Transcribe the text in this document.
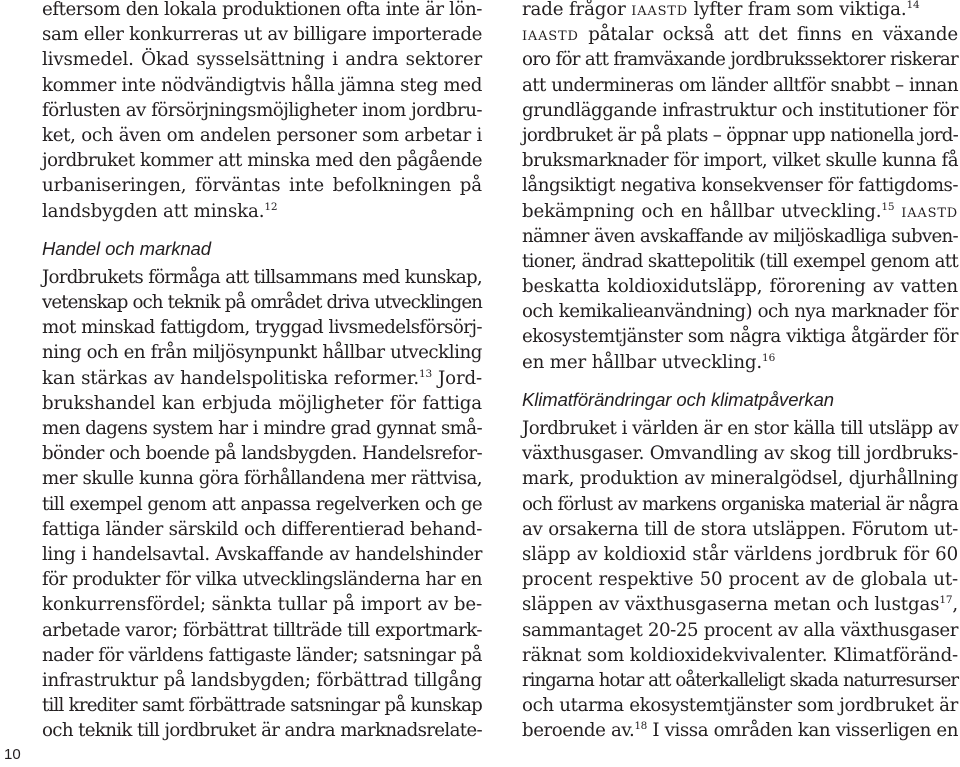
eftersom den lokala produktionen ofta inte är lön-
sam eller konkurreras ut av billigare importerade
livsmedel. Ökad sysselsättning i andra sektorer
kommer inte nödvändigtvis hålla jämna steg med
förlusten av försörjningsmöjligheter inom jordbru-
ket, och även om andelen personer som arbetar i
jordbruket kommer att minska med den pågående
urbaniseringen, förväntas inte befolkningen på
landsbygden att minska.$^{12}$
Handel och marknad
Jordbrukets förmåga att tillsammans med kunskap,
vetenskap och teknik på området driva utvecklingen
mot minskad fattigdom, tryggad livsmedelsförsörj-
ning och en från miljösynpunkt hållbar utveckling
kan stärkas av handelspolitiska reformer.$^{13}$ Jord-
brukshandel kan erbjuda möjligheter för fattiga
men dagens system har i mindre grad gynnat små-
bönder och boende på landsbygden. Handelsrefor-
mer skulle kunna göra förhållandena mer rättvisa,
till exempel genom att anpassa regelverken och ge
fattiga länder särskild och differentierad behand-
ling i handelsavtal. Avskaffande av handelshinder
för produkter för vilka utvecklingsländerna har en
konkurrensfördel; sänkta tullar på import av be-
arbetade varor; förbättrat tillträde till exportmark-
nader för världens fattigaste länder; satsningar på
infrastruktur på landsbygden; förbättrad tillgång
till krediter samt förbättrade satsningar på kunskap
och teknik till jordbruket är andra marknadsrelate-
rade frågor iaastd lyfter fram som viktiga.$^{14}$
iaastd påtalar också att det finns en växande
oro för att framväxande jordbrukssektorer riskerar
att undermineras om länder alltför snabbt – innan
grundläggande infrastruktur och institutioner för
jordbruket är på plats – öppnar upp nationella jord-
bruksmarknader för import, vilket skulle kunna få
långsiktigt negativa konsekvenser för fattigdoms-
bekämpning och en hållbar utveckling.$^{15}$ iaastd
nämner även avskaffande av miljöskadliga subven-
tioner, ändrad skattepolitik (till exempel genom att
beskatta koldioxidutsläpp, förorening av vatten
och kemikalieanvändning) och nya marknader för
ekosystemtjänster som några viktiga åtgärder för
en mer hållbar utveckling.$^{16}$
Klimatförändringar och klimatpåverkan
Jordbruket i världen är en stor källa till utsläpp av
växthusgaser. Omvandling av skog till jordbruks-
mark, produktion av mineralgödsel, djurhållning
och förlust av markens organiska material är några
av orsakerna till de stora utsläppen. Förutom ut-
släpp av koldioxid står världens jordbruk för 60
procent respektive 50 procent av de globala ut-
släppen av växthusgaserna metan och lustgas$^{17}$,
sammantaget 20-25 procent av alla växthusgaser
räknat som koldioxidekvivalenter. Klimatföränd-
ringarna hotar att oåterkalleligt skada naturresurser
och utarma ekosystemtjänster som jordbruket är
beroende av.$^{18}$ I vissa områden kan visserligen en
10
